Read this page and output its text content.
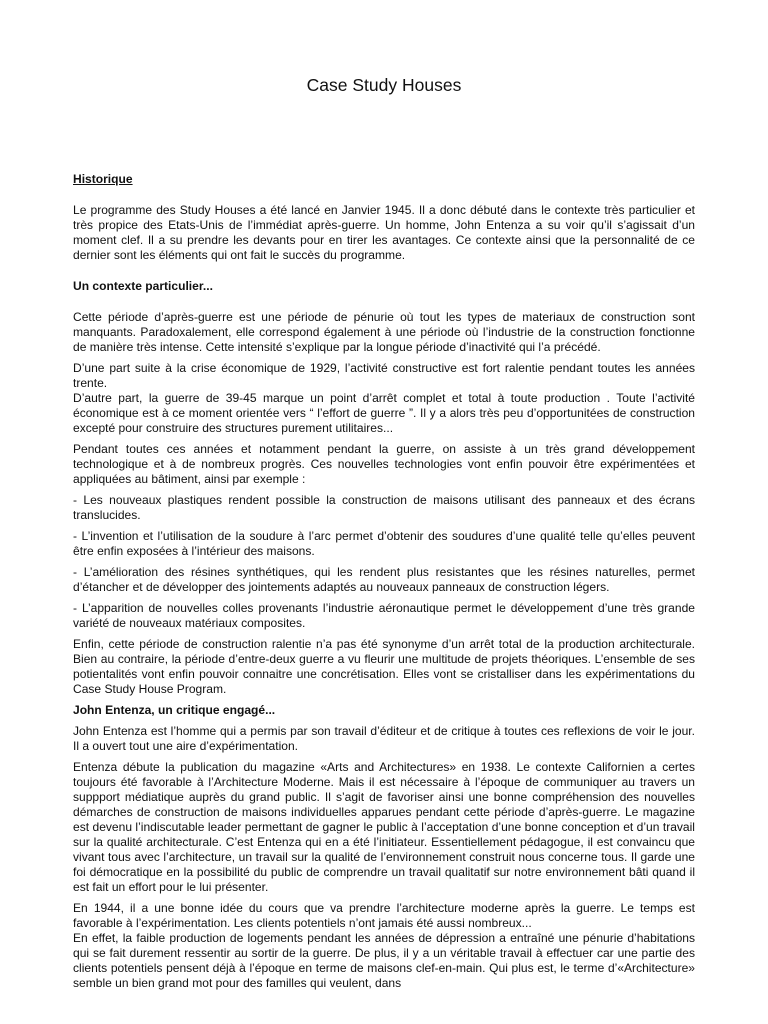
Case Study Houses

Historique

Le programme des Study Houses a été lancé en Janvier 1945. Il a donc débuté dans le contexte très particulier et très propice des Etats-Unis de l’immédiat après-guerre. Un homme, John Entenza a su voir qu’il s’agissait d’un moment clef. Il a su prendre les devants pour en tirer les avantages. Ce contexte ainsi que la personnalité de ce dernier sont les éléments qui ont fait le succès du programme.

Un contexte particulier...

Cette période d’après-guerre est une période de pénurie où tout les types de materiaux de construction sont manquants. Paradoxalement, elle correspond également à une période où l’industrie de la construction fonctionne de manière très intense. Cette intensité s’explique par la longue période d’inactivité qui l’a précédé.

D’une part suite à la crise économique de 1929, l’activité constructive est fort ralentie pendant toutes les années trente.

D’autre part, la guerre de 39-45 marque un point d’arrêt complet et total à toute production . Toute l’activité économique est à ce moment orientée vers “ l’effort de guerre ”. Il y a alors très peu d’opportunitées de construction excepté pour construire des structures purement utilitaires...

Pendant toutes ces années et notamment pendant la guerre, on assiste à un très grand développement technologique et à de nombreux progrès. Ces nouvelles technologies vont enfin pouvoir être expérimentées et appliquées au bâtiment, ainsi par exemple :

- Les nouveaux plastiques rendent possible la construction de maisons utilisant des panneaux et des écrans translucides.

- L’invention et l’utilisation de la soudure à l’arc permet d’obtenir des soudures d’une qualité telle qu’elles peuvent être enfin exposées à l’intérieur des maisons.

- L’amélioration des résines synthétiques, qui les rendent plus resistantes que les résines naturelles, permet d’étancher et de développer des jointements adaptés au nouveaux panneaux de construction légers.

- L’apparition de nouvelles colles provenants l’industrie aéronautique permet le développement d’une très grande variété de nouveaux matériaux composites.

Enfin, cette période de construction ralentie n’a pas été synonyme d’un arrêt total de la production architecturale. Bien au contraire, la période d’entre-deux guerre a vu fleurir une multitude de projets théoriques. L’ensemble de ses potientalités vont enfin pouvoir connaitre une concrétisation. Elles vont se cristalliser dans les expérimentations du Case Study House Program.

John Entenza, un critique engagé...

John Entenza est l’homme qui a permis par son travail d’éditeur et de critique à toutes ces reflexions de voir le jour. Il a ouvert tout une aire d’expérimentation.

Entenza débute la publication du magazine «Arts and Architectures» en 1938. Le contexte Californien a certes toujours été favorable à l’Architecture Moderne. Mais il est nécessaire à l’époque de communiquer au travers un suppport médiatique auprès du grand public. Il s’agit de favoriser ainsi une bonne compréhension des nouvelles démarches de construction de maisons individuelles apparues pendant cette période d’après-guerre. Le magazine est devenu l’indiscutable leader permettant de gagner le public à l’acceptation d’une bonne conception et d’un travail sur la qualité architecturale. C’est Entenza qui en a été l’initiateur. Essentiellement pédagogue, il est convaincu que vivant tous avec l’architecture, un travail sur la qualité de l’environnement construit nous concerne tous. Il garde une foi démocratique en la possibilité du public de comprendre un travail qualitatif sur notre environnement bâti quand il est fait un effort pour le lui présenter.

En 1944, il a une bonne idée du cours que va prendre l’architecture moderne après la guerre. Le temps est favorable à l’expérimentation. Les clients potentiels n’ont jamais été aussi nombreux...

En effet, la faible production de logements pendant les années de dépression a entraîné une pénurie d’habitations qui se fait durement ressentir au sortir de la guerre. De plus, il y a un véritable travail à effectuer car une partie des clients potentiels pensent déjà à l’époque en terme de maisons clef-en-main. Qui plus est, le terme d’«Architecture» semble un bien grand mot pour des familles qui veulent, dans
